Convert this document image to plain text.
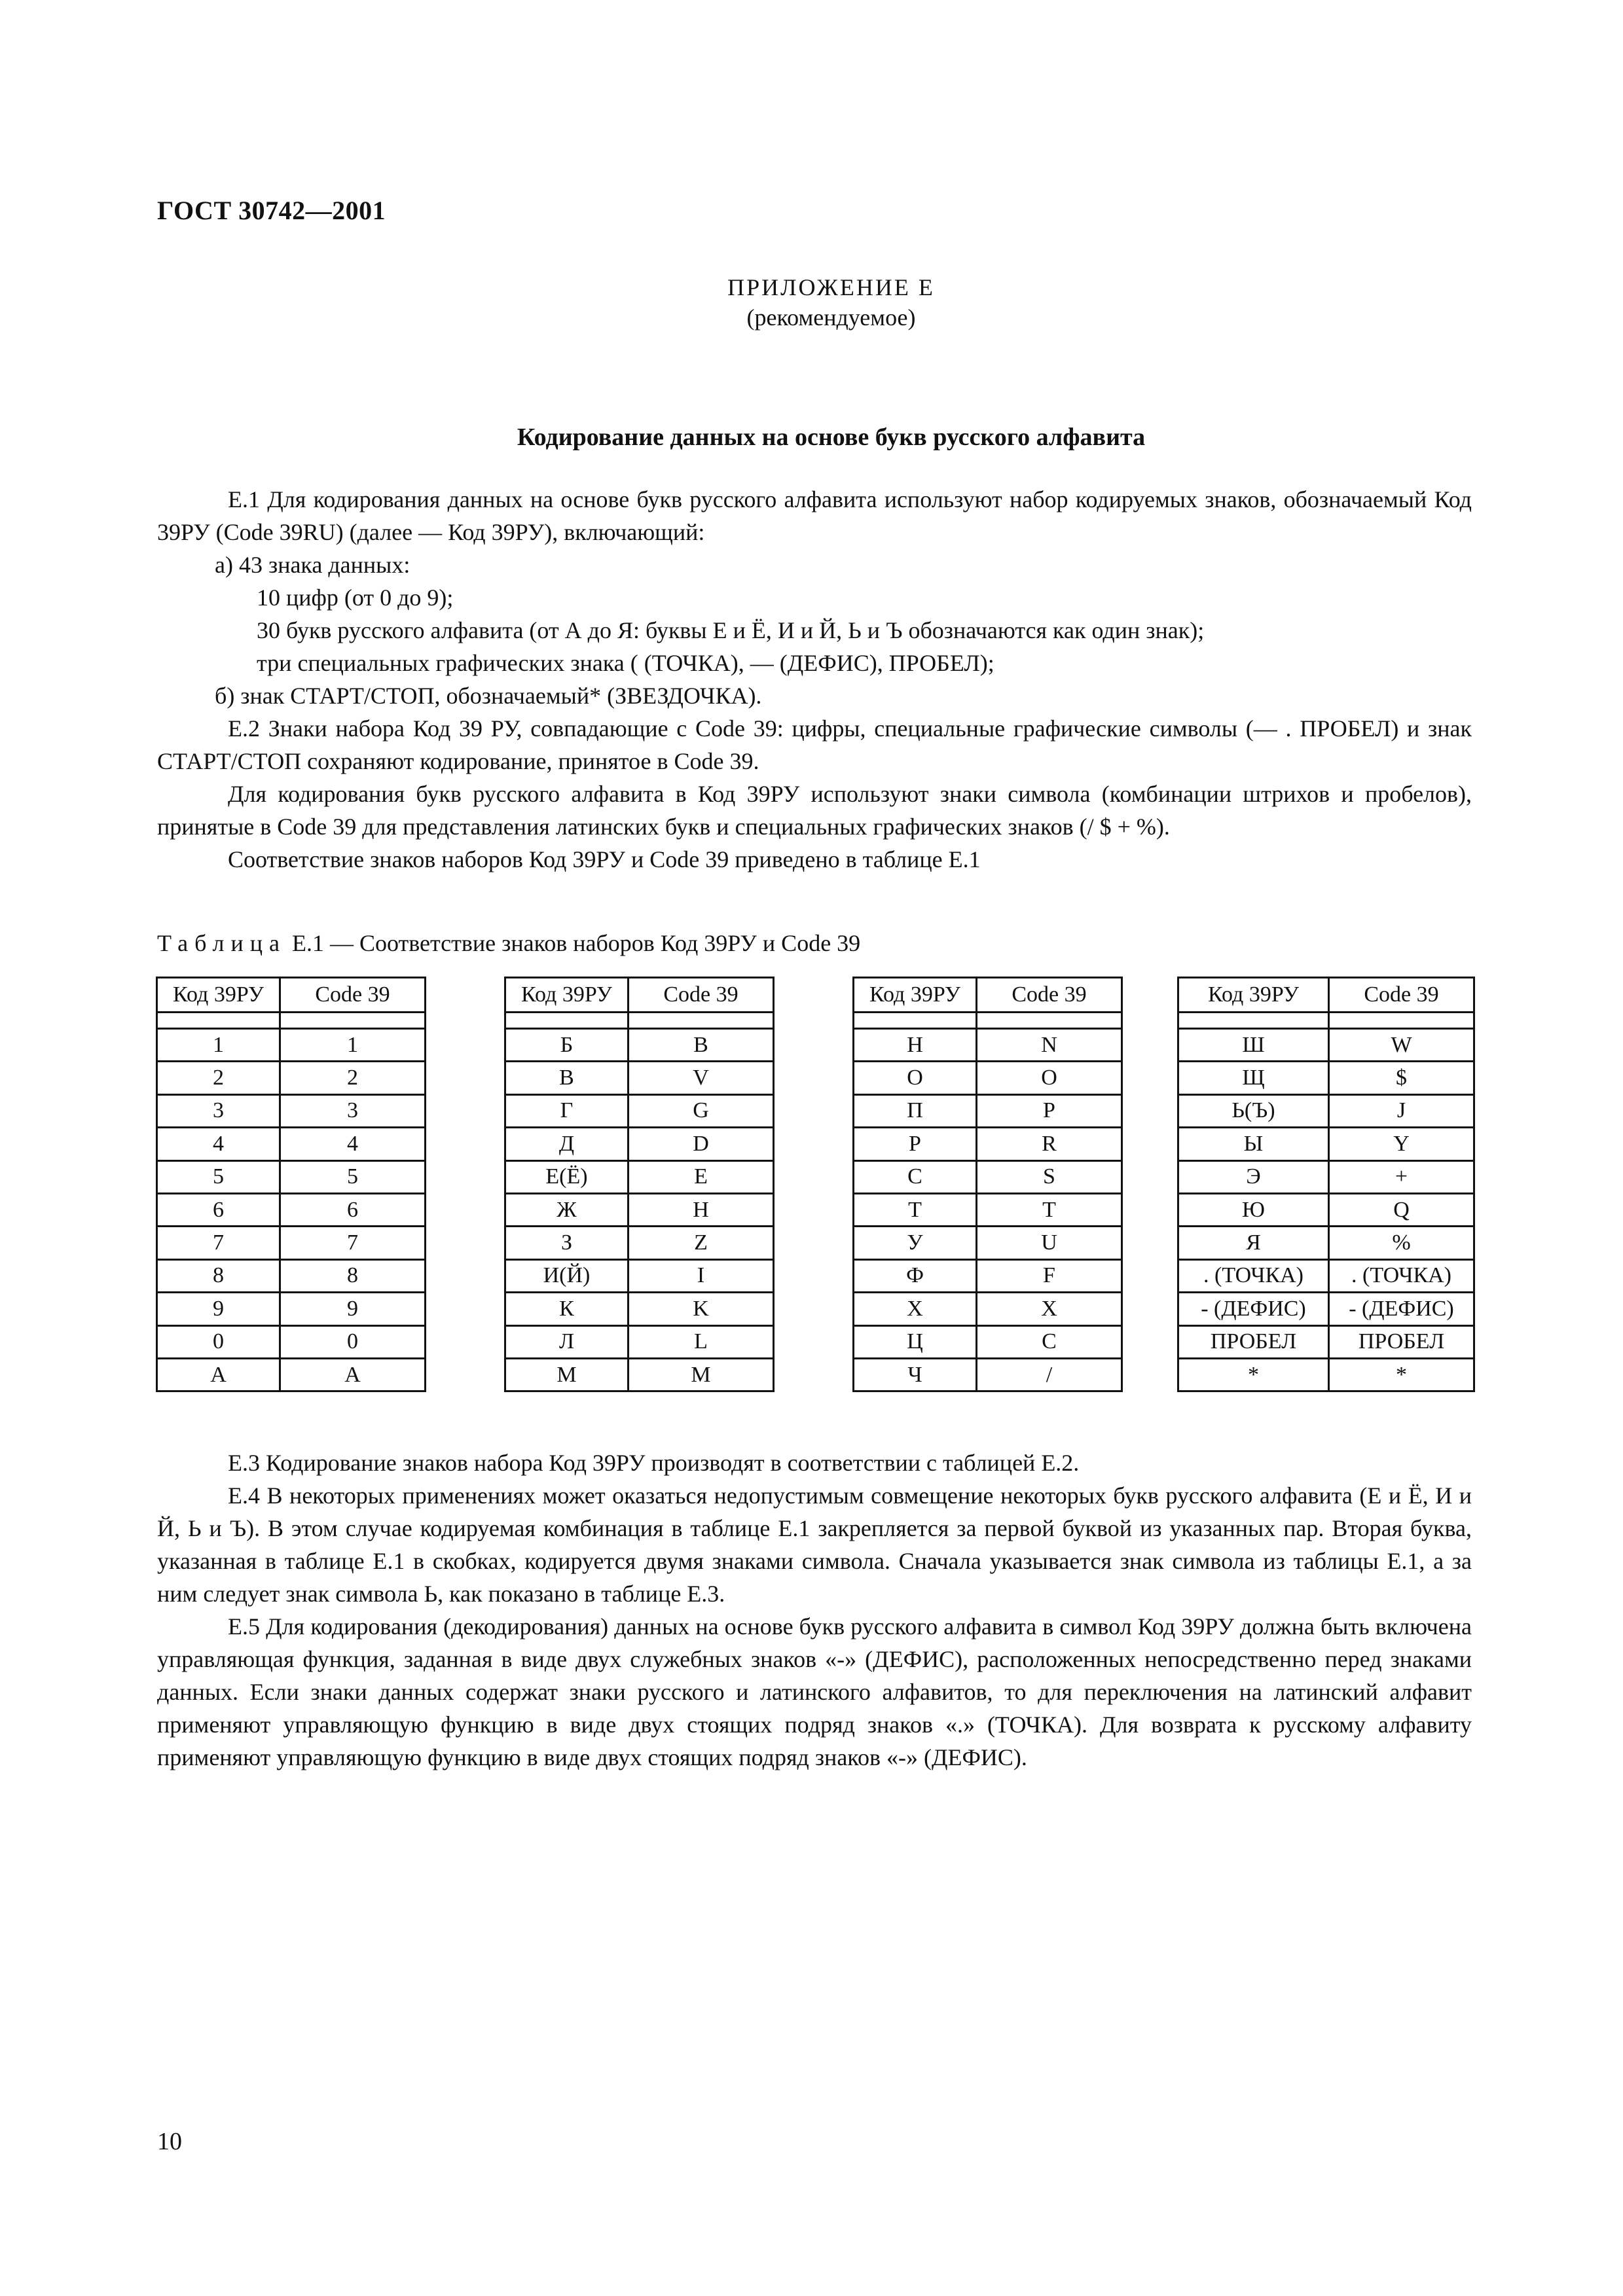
ГОСТ 30742—2001
ПРИЛОЖЕНИЕ Е
(рекомендуемое)
Кодирование данных на основе букв русского алфавита

Е.1 Для кодирования данных на основе букв русского алфавита используют набор кодируемых знаков, обозначаемый Код 39РУ (Code 39RU) (далее — Код 39РУ), включающий:

а) 43 знака данных:

10 цифр (от 0 до 9);

30 букв русского алфавита (от А до Я: буквы Е и Ё, И и Й, Ь и Ъ обозначаются как один знак);

три специальных графических знака ( (ТОЧКА), — (ДЕФИС), ПРОБЕЛ);

б) знак СТАРТ/СТОП, обозначаемый* (ЗВЕЗДОЧКА).

Е.2 Знаки набора Код 39 РУ, совпадающие с Code 39: цифры, специальные графические символы (— . ПРОБЕЛ) и знак СТАРТ/СТОП сохраняют кодирование, принятое в Code 39.

Для кодирования букв русского алфавита в Код 39РУ используют знаки символа (комбинации штрихов и пробелов), принятые в Code 39 для представления латинских букв и специальных графических знаков (/ $ + %).

Соответствие знаков наборов Код 39РУ и Code 39 приведено в таблице Е.1

Таблица Е.1 — Соответствие знаков наборов Код 39РУ и Code 39
Код 39РУ	Code 39

1	1
2	2
3	3
4	4
5	5
6	6
7	7
8	8
9	9
0	0
А	A
Код 39РУ	Code 39

Б	B
В	V
Г	G
Д	D
Е(Ё)	E
Ж	H
З	Z
И(Й)	I
К	K
Л	L
М	M
Код 39РУ	Code 39

Н	N
О	O
П	P
Р	R
С	S
Т	T
У	U
Ф	F
Х	X
Ц	C
Ч	/
Код 39РУ	Code 39

Ш	W
Щ	$
Ь(Ъ)	J
Ы	Y
Э	+
Ю	Q
Я	%
. (ТОЧКА)	. (ТОЧКА)
- (ДЕФИС)	- (ДЕФИС)
ПРОБЕЛ	ПРОБЕЛ
*	*

Е.3 Кодирование знаков набора Код 39РУ производят в соответствии с таблицей Е.2.

Е.4 В некоторых применениях может оказаться недопустимым совмещение некоторых букв русского алфавита (Е и Ё, И и Й, Ь и Ъ). В этом случае кодируемая комбинация в таблице Е.1 закрепляется за первой буквой из указанных пар. Вторая буква, указанная в таблице Е.1 в скобках, кодируется двумя знаками символа. Сначала указывается знак символа из таблицы Е.1, а за ним следует знак символа Ь, как показано в таблице Е.3.

Е.5 Для кодирования (декодирования) данных на основе букв русского алфавита в символ Код 39РУ должна быть включена управляющая функция, заданная в виде двух служебных знаков «-» (ДЕФИС), расположенных непосредственно перед знаками данных. Если знаки данных содержат знаки русского и латинского алфавитов, то для переключения на латинский алфавит применяют управляющую функцию в виде двух стоящих подряд знаков «.» (ТОЧКА). Для возврата к русскому алфавиту применяют управляющую функцию в виде двух стоящих подряд знаков «-» (ДЕФИС).

10
